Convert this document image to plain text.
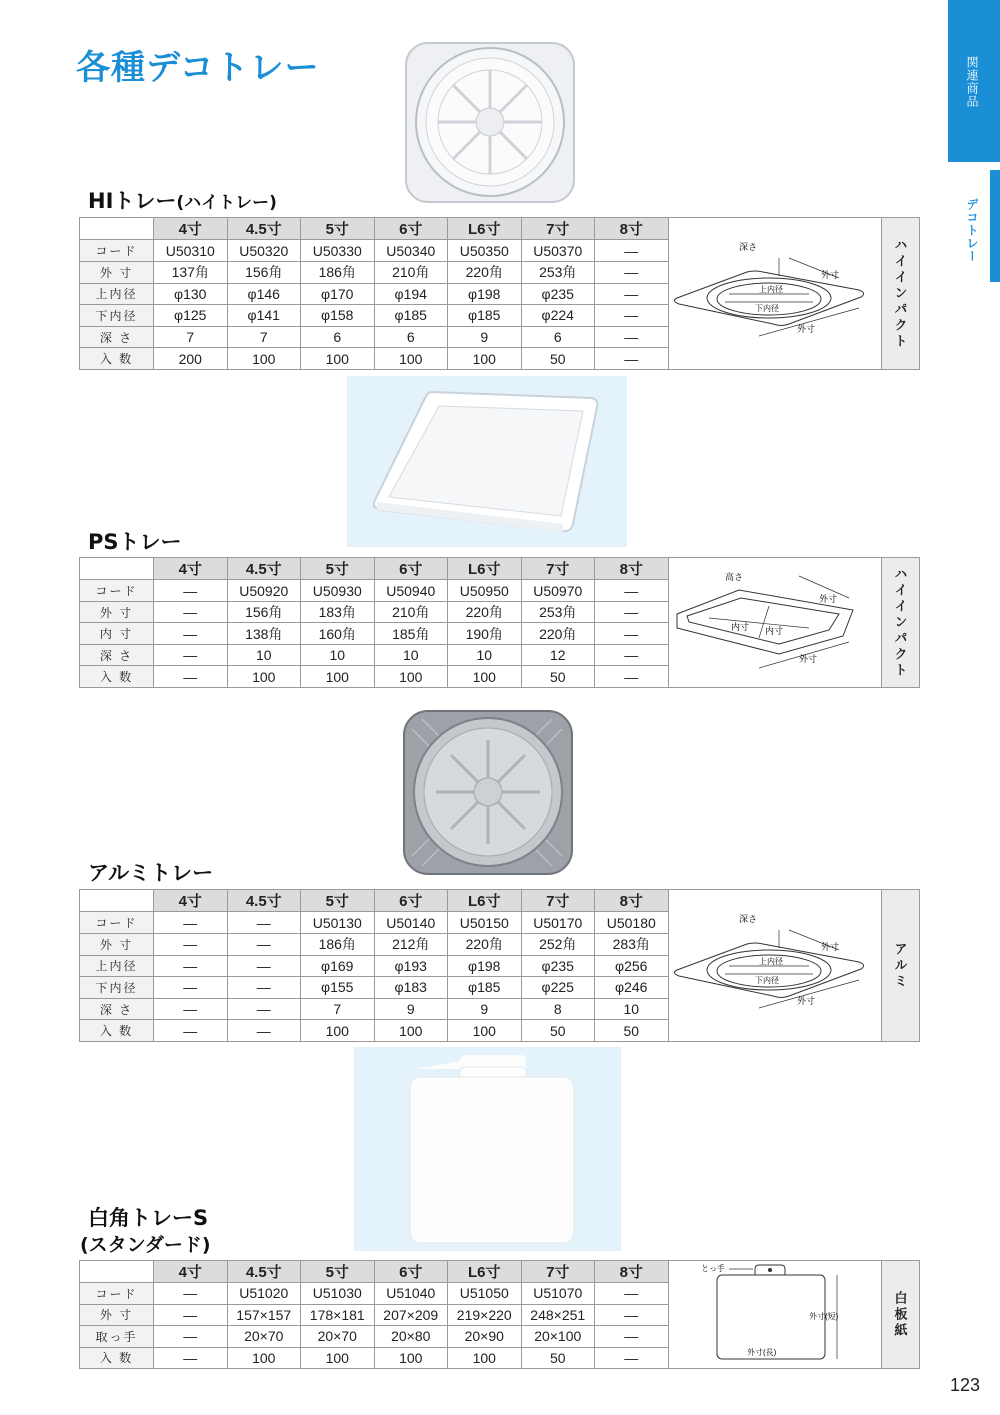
各種デコトレー	関連商品
デコトレー
HIトレー(ハイトレー)
	4寸	4.5寸	5寸	6寸	L6寸	7寸	8寸	深さ
外寸
上内径
下内径
外寸	ハイインパクト
コード	U50310	U50320	U50330	U50340	U50350	U50370	—		
外 寸	137角	156角	186角	210角	220角	253角	—		
上内径	φ130	φ146	φ170	φ194	φ198	φ235	—		
下内径	φ125	φ141	φ158	φ185	φ185	φ224	—		
深 さ	7	7	6	6	9	6	—		
入 数	200	100	100	100	100	50	—		
PSトレー
	4寸	4.5寸	5寸	6寸	L6寸	7寸	8寸	高さ
外寸
内寸 内寸
外寸	ハイインパクト
コード	—	U50920	U50930	U50940	U50950	U50970	—		
外 寸	—	156角	183角	210角	220角	253角	—		
内 寸	—	138角	160角	185角	190角	220角	—		
深 さ	—	10	10	10	10	12	—		
入 数	—	100	100	100	100	50	—		
アルミトレー
	4寸	4.5寸	5寸	6寸	L6寸	7寸	8寸	深さ
外寸
上内径
下内径
外寸	アルミ
コード	—	—	U50130	U50140	U50150	U50170	U50180		
外 寸	—	—	186角	212角	220角	252角	283角		
上内径	—	—	φ169	φ193	φ198	φ235	φ256		
下内径	—	—	φ155	φ183	φ185	φ225	φ246		
深 さ	—	—	7	9	9	8	10		
入 数	—	—	100	100	100	50	50		
白角トレーS
(スタンダード)
	4寸	4.5寸	5寸	6寸	L6寸	7寸	8寸	とっ手
外寸(短)
外寸(長)	白板紙
コード	—	U51020	U51030	U51040	U51050	U51070	—		
外 寸	—	157×157	178×181	207×209	219×220	248×251	—		
取っ手	—	20×70	20×70	20×80	20×90	20×100	—		
入 数	—	100	100	100	100	50	—		
123
